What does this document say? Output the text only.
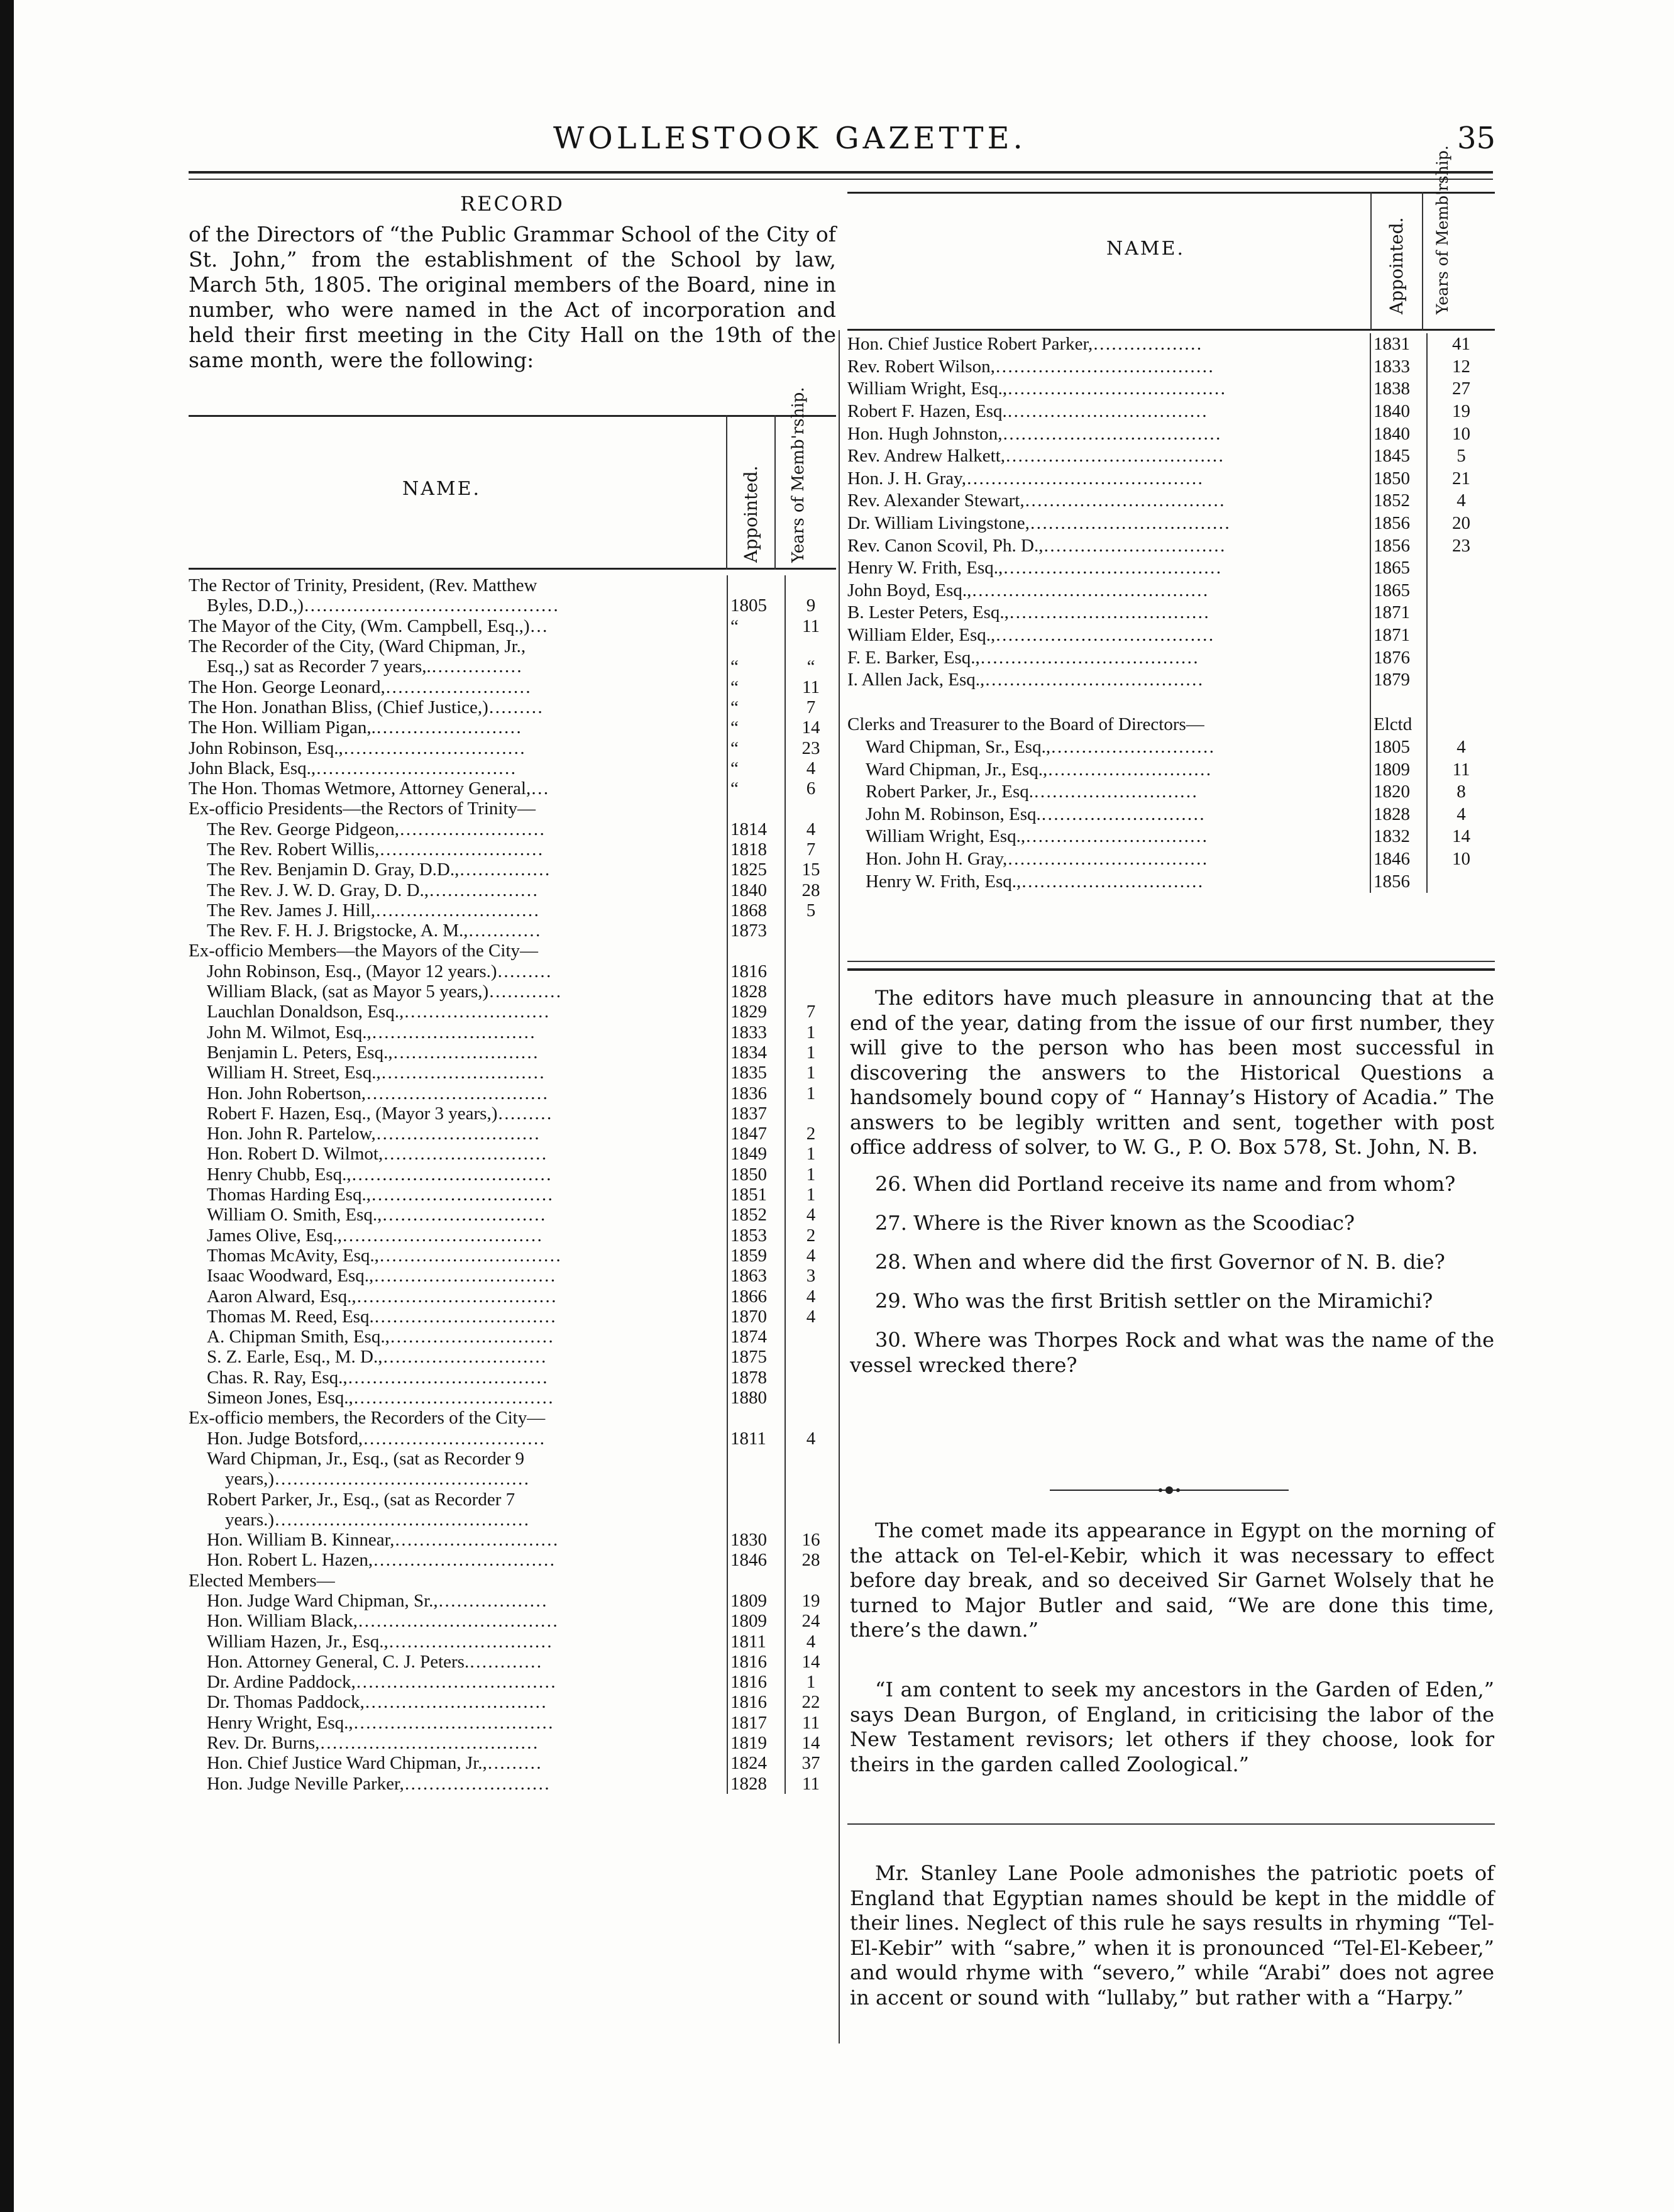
WOLLESTOOK GAZETTE.	35
RECORD
of the Directors of “the Public Grammar School of the City of St. John,” from the establishment of the School by law, March 5th, 1805. The original members of the Board, nine in number, who were named in the Act of incorporation and held their first meeting in the City Hall on the 19th of the same month, were the following:
NAME.	Appointed. Years of Memb'rship.
The Rector of Trinity, President, (Rev. Matthew		
 Byles, D.D.,)……………………………………	1805	9
The Mayor of the City, (Wm. Campbell, Esq.,)…	“	11
The Recorder of the City, (Ward Chipman, Jr.,		
 Esq.,) sat as Recorder 7 years,.……………	“	“
The Hon. George Leonard,……………………	“	11
The Hon. Jonathan Bliss, (Chief Justice,)………	“	7
The Hon. William Pigan,.……………………	“	14
John Robinson, Esq.,…………………………	“	23
John Black, Esq.,……………………………	“	4
The Hon. Thomas Wetmore, Attorney General,…	“	6
Ex-officio Presidents—the Rectors of Trinity—		
 The Rev. George Pidgeon,……………………	1814	4
 The Rev. Robert Willis,………………………	1818	7
 The Rev. Benjamin D. Gray, D.D.,……………	1825	15
 The Rev. J. W. D. Gray, D. D.,………………	1840	28
 The Rev. James J. Hill,………………………	1868	5
 The Rev. F. H. J. Brigstocke, A. M.,…………	1873	
Ex-officio Members—the Mayors of the City—		
 John Robinson, Esq., (Mayor 12 years.)………	1816	
 William Black, (sat as Mayor 5 years,)…………	1828	
 Lauchlan Donaldson, Esq.,……………………	1829	7
 John M. Wilmot, Esq.,………………………	1833	1
 Benjamin L. Peters, Esq.,……………………	1834	1
 William H. Street, Esq.,………………………	1835	1
 Hon. John Robertson,…………………………	1836	1
 Robert F. Hazen, Esq., (Mayor 3 years,)………	1837	
 Hon. John R. Partelow,………………………	1847	2
 Hon. Robert D. Wilmot,………………………	1849	1
 Henry Chubb, Esq.,……………………………	1850	1
 Thomas Harding Esq.,…………………………	1851	1
 William O. Smith, Esq.,………………………	1852	4
 James Olive, Esq.,……………………………	1853	2
 Thomas McAvity, Esq.,…………………………	1859	4
 Isaac Woodward, Esq.,…………………………	1863	3
 Aaron Alward, Esq.,……………………………	1866	4
 Thomas M. Reed, Esq.…………………………	1870	4
 A. Chipman Smith, Esq.,………………………	1874	
 S. Z. Earle, Esq., M. D.,………………………	1875	
 Chas. R. Ray, Esq.,……………………………	1878	
 Simeon Jones, Esq.,……………………………	1880	
Ex-officio members, the Recorders of the City—		
 Hon. Judge Botsford,…………………………	1811	4
 Ward Chipman, Jr., Esq., (sat as Recorder 9		
  years,)……………………………………		
 Robert Parker, Jr., Esq., (sat as Recorder 7		
  years.)……………………………………		
 Hon. William B. Kinnear,………………………	1830	16
 Hon. Robert L. Hazen,…………………………	1846	28
Elected Members—		
 Hon. Judge Ward Chipman, Sr.,………………	1809	19
 Hon. William Black,……………………………	1809	24
 William Hazen, Jr., Esq.,………………………	1811	4
 Hon. Attorney General, C. J. Peters.…………	1816	14
 Dr. Ardine Paddock,……………………………	1816	1
 Dr. Thomas Paddock,…………………………	1816	22
 Henry Wright, Esq.,……………………………	1817	11
 Rev. Dr. Burns,………………………………	1819	14
 Hon. Chief Justice Ward Chipman, Jr.,………	1824	37
 Hon. Judge Neville Parker,……………………	1828	11
NAME.	Appointed. Years of Memb'rship.
Hon. Chief Justice Robert Parker,………………	1831	41
Rev. Robert Wilson,………………………………	1833	12
William Wright, Esq.,………………………………	1838	27
Robert F. Hazen, Esq.……………………………	1840	19
Hon. Hugh Johnston,………………………………	1840	10
Rev. Andrew Halkett,………………………………	1845	5
Hon. J. H. Gray,…………………………………	1850	21
Rev. Alexander Stewart,……………………………	1852	4
Dr. William Livingstone,……………………………	1856	20
Rev. Canon Scovil, Ph. D.,…………………………	1856	23
Henry W. Frith, Esq.,………………………………	1865	
John Boyd, Esq.,…………………………………	1865	
B. Lester Peters, Esq.,……………………………	1871	
William Elder, Esq.,………………………………	1871	
F. E. Barker, Esq.,………………………………	1876	
I. Allen Jack, Esq.,………………………………	1879	

Clerks and Treasurer to the Board of Directors—	Elctd	
 Ward Chipman, Sr., Esq.,………………………	1805	4
 Ward Chipman, Jr., Esq.,………………………	1809	11
 Robert Parker, Jr., Esq.………………………	1820	8
 John M. Robinson, Esq.………………………	1828	4
 William Wright, Esq.,…………………………	1832	14
 Hon. John H. Gray,……………………………	1846	10
 Henry W. Frith, Esq.,…………………………	1856	
The editors have much pleasure in announcing that at the end of the year, dating from the issue of our first number, they will give to the person who has been most successful in discovering the answers to the Historical Questions a handsomely bound copy of “ Hannay’s History of Acadia.” The answers to be legibly written and sent, together with post office address of solver, to W. G., P. O. Box 578, St. John, N. B.
26. When did Portland receive its name and from whom?
27. Where is the River known as the Scoodiac?
28. When and where did the first Governor of N. B. die?
29. Who was the first British settler on the Miramichi?
30. Where was Thorpes Rock and what was the name of the vessel wrecked there?
The comet made its appearance in Egypt on the morning of the attack on Tel-el-Kebir, which it was necessary to effect before day break, and so deceived Sir Garnet Wolsely that he turned to Major Butler and said, “We are done this time, there’s the dawn.”
“I am content to seek my ancestors in the Garden of Eden,” says Dean Burgon, of England, in criticising the labor of the New Testament revisors; let others if they choose, look for theirs in the garden called Zoological.”
Mr. Stanley Lane Poole admonishes the patriotic poets of England that Egyptian names should be kept in the middle of their lines. Neglect of this rule he says results in rhyming “Tel-El-Kebir” with “sabre,” when it is pronounced “Tel-El-Kebeer,” and would rhyme with “severo,” while “Arabi” does not agree in accent or sound with “lullaby,” but rather with a “Harpy.”
